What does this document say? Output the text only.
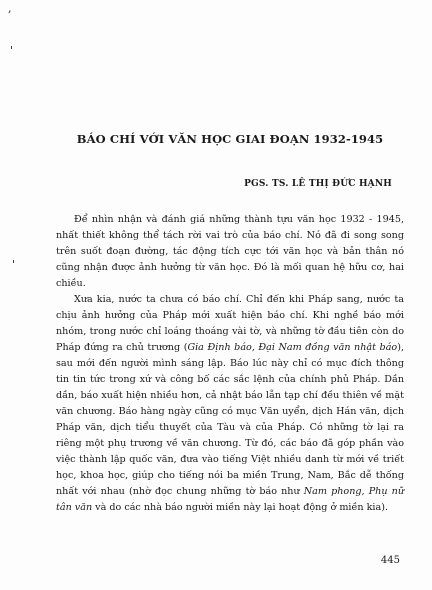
,
'
'
BÁO CHÍ VỚI VĂN HỌC GIAI ĐOẠN 1932-1945
PGS. TS. LÊ THỊ ĐỨC HẠNH

Để nhìn nhận và đánh giá những thành tựu văn học 1932 - 1945, nhất thiết không thể tách rời vai trò của báo chí. Nó đã đi song song trên suốt đoạn đường, tác động tích cực tới văn học và bản thân nó cũng nhận được ảnh hưởng từ văn học. Đó là mối quan hệ hữu cơ, hai chiều.

Xưa kia, nước ta chưa có báo chí. Chỉ đến khi Pháp sang, nước ta chịu ảnh hưởng của Pháp mới xuất hiện báo chí. Khi nghề báo mới nhóm, trong nước chỉ loáng thoáng vài tờ, và những tờ đầu tiên còn do Pháp đứng ra chủ trương (Gia Định báo, Đại Nam đồng văn nhật báo), sau mới đến người mình sáng lập. Báo lúc này chỉ có mục đích thông tin tin tức trong xứ và công bố các sắc lệnh của chính phủ Pháp. Dần dần, báo xuất hiện nhiều hơn, cả nhật báo lẫn tạp chí đều thiên về mặt văn chương. Báo hàng ngày cũng có mục Văn uyển, dịch Hán văn, dịch Pháp văn, dịch tiểu thuyết của Tàu và của Pháp. Có những tờ lại ra riêng một phụ trương về văn chương. Từ đó, các báo đã góp phần vào việc thành lập quốc văn, đưa vào tiếng Việt nhiều danh từ mới về triết học, khoa học, giúp cho tiếng nói ba miền Trung, Nam, Bắc dễ thống nhất với nhau (nhờ đọc chung những tờ báo như Nam phong, Phụ nữ tân văn và do các nhà báo người miền này lại hoạt động ở miền kia).

445
